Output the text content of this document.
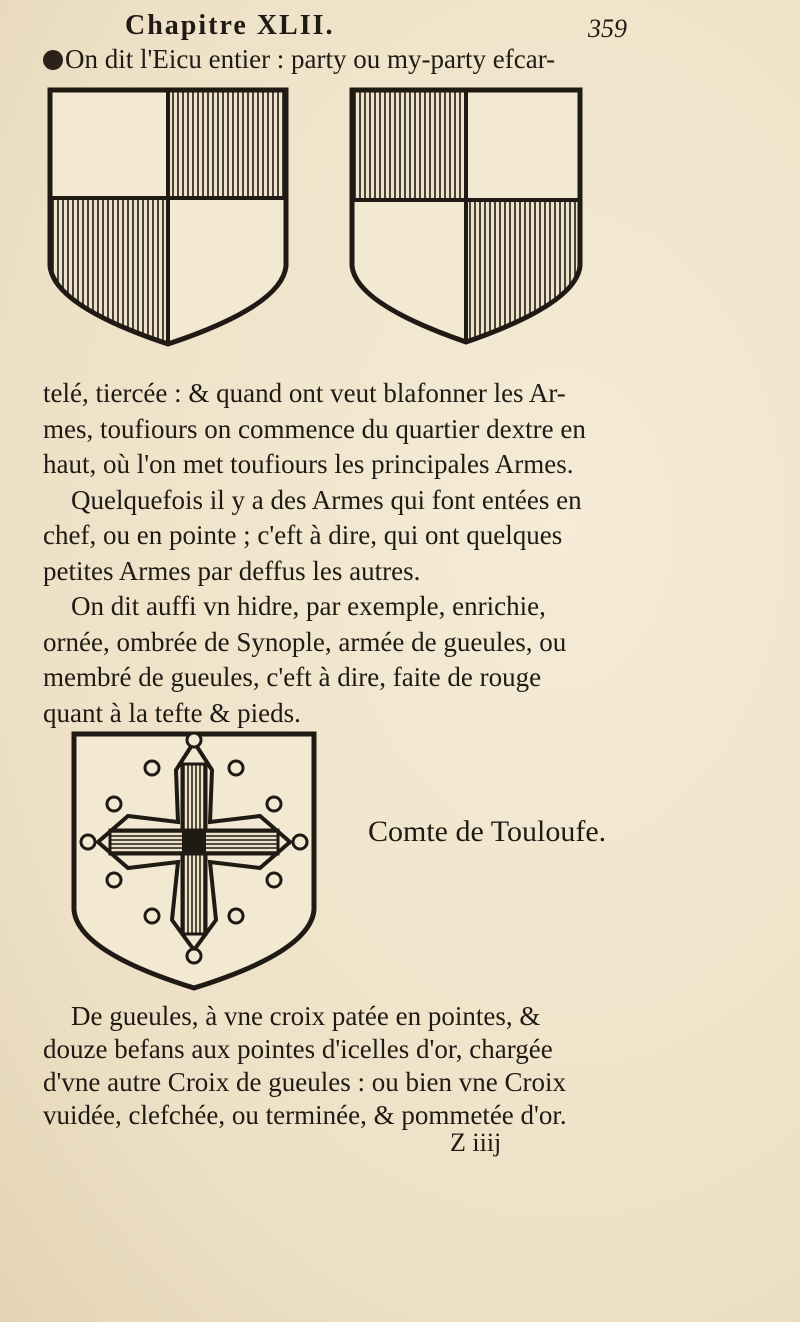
Chapitre XLII.	359
On dit l'Eicu entier : party ou my-party efcar-
telé, tiercée : & quand ont veut blafonner les Ar-
mes, toufiours on commence du quartier dextre en
haut, où l'on met toufiours les principales Armes.
Quelquefois il y a des Armes qui font entées en
chef, ou en pointe ; c'eft à dire, qui ont quelques
petites Armes par deffus les autres.
On dit auffi vn hidre, par exemple, enrichie,
ornée, ombrée de Synople, armée de gueules, ou
membré de gueules, c'eft à dire, faite de rouge
quant à la tefte & pieds.
Comte de Touloufe.
De gueules, à vne croix patée en pointes, &
douze befans aux pointes d'icelles d'or, chargée
d'vne autre Croix de gueules : ou bien vne Croix
vuidée, clefchée, ou terminée, & pommetée d'or.
Z iiij
